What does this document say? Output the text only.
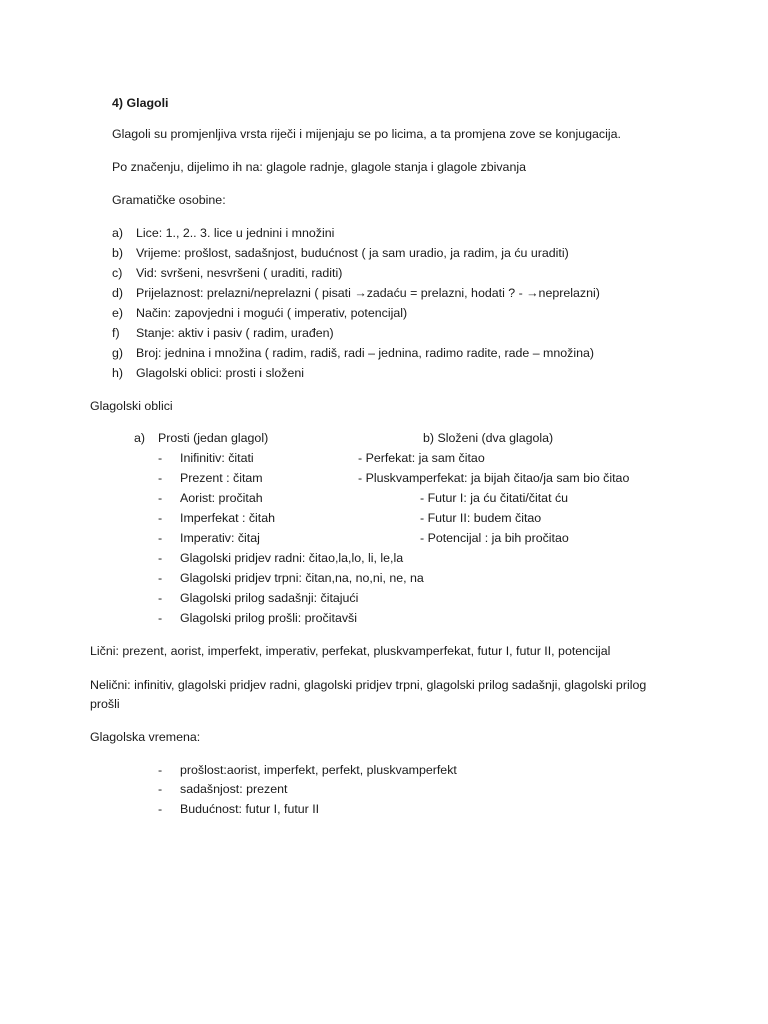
4) Glagoli
Glagoli su promjenljiva vrsta riječi i mijenjaju se po licima, a ta promjena zove se konjugacija.
Po značenju, dijelimo ih na: glagole radnje, glagole stanja i glagole zbivanja
Gramatičke osobine:
a) Lice: 1., 2.. 3. lice u jednini i množini
b) Vrijeme: prošlost, sadašnjost, budućnost ( ja sam uradio, ja radim, ja ću uraditi)
c) Vid: svršeni, nesvršeni ( uraditi, raditi)
d) Prijelaznost: prelazni/neprelazni ( pisati →zadaću = prelazni, hodati ? - →neprelazni)
e) Način: zapovjedni i mogući ( imperativ, potencijal)
f) Stanje: aktiv i pasiv ( radim, urađen)
g) Broj: jednina i množina ( radim, radiš, radi – jednina, radimo radite, rade – množina)
h) Glagolski oblici: prosti i složeni
Glagolski oblici
a) Prosti (jedan glagol)
- Inifinitiv: čitati
- Prezent : čitam
- Aorist: pročitah
- Imperfekat : čitah
- Imperativ: čitaj
- Glagolski pridjev radni: čitao,la,lo, li, le,la
- Glagolski pridjev trpni: čitan,na, no,ni, ne, na
- Glagolski prilog sadašnji: čitajući
- Glagolski prilog prošli: pročitavši
b) Složeni (dva glagola)
- Perfekat: ja sam čitao
- Pluskvamperfekat: ja bijah čitao/ja sam bio čitao
- Futur I: ja ću čitati/čitat ću
- Futur II: budem čitao
- Potencijal : ja bih pročitao
Lični: prezent, aorist, imperfekt, imperativ, perfekat, pluskvamperfekat, futur I, futur II, potencijal
Nelični: infinitiv, glagolski pridjev radni, glagolski pridjev trpni, glagolski prilog sadašnji, glagolski prilog
prošli
Glagolska vremena:
- prošlost:aorist, imperfekt, perfekt, pluskvamperfekt
- sadašnjost: prezent
- Budućnost: futur I, futur II
